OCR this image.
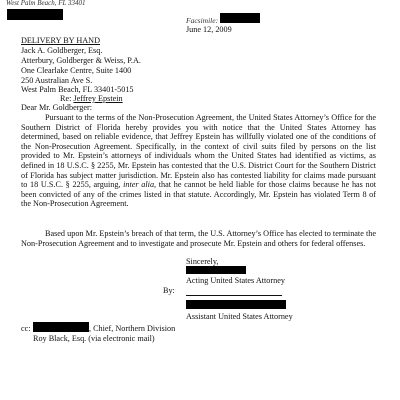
West Palm Beach, FL 33401
Facsimile:
June 12, 2009
DELIVERY BY HAND
Jack A. Goldberger, Esq.
Atterbury, Goldberger & Weiss, P.A.
One Clearlake Centre, Suite 1400
250 Australian Ave S.
West Palm Beach, FL 33401-5015
Re: Jeffrey Epstein
Dear Mr. Goldberger:
Pursuant to the terms of the Non-Prosecution Agreement, the United States Attorney’s Office for the Southern District of Florida hereby provides you with notice that the United States Attorney has determined, based on reliable evidence, that Jeffrey Epstein has willfully violated one of the conditions of the Non-Prosecution Agreement. Specifically, in the context of civil suits filed by persons on the list provided to Mr. Epstein’s attorneys of individuals whom the United States had identified as victims, as defined in 18 U.S.C. § 2255, Mr. Epstein has contested that the U.S. District Court for the Southern District of Florida has subject matter jurisdiction. Mr. Epstein also has contested liability for claims made pursuant to 18 U.S.C. § 2255, arguing, inter alia, that he cannot be held liable for those claims because he has not been convicted of any of the crimes listed in that statute. Accordingly, Mr. Epstein has violated Term 8 of the Non-Prosecution Agreement.
Based upon Mr. Epstein’s breach of that term, the U.S. Attorney’s Office has elected to terminate the Non-Prosecution Agreement and to investigate and prosecute Mr. Epstein and others for federal offenses.
Sincerely,
Acting United States Attorney
By:
Assistant United States Attorney
cc:	, Chief, Northern Division
Roy Black, Esq. (via electronic mail)
